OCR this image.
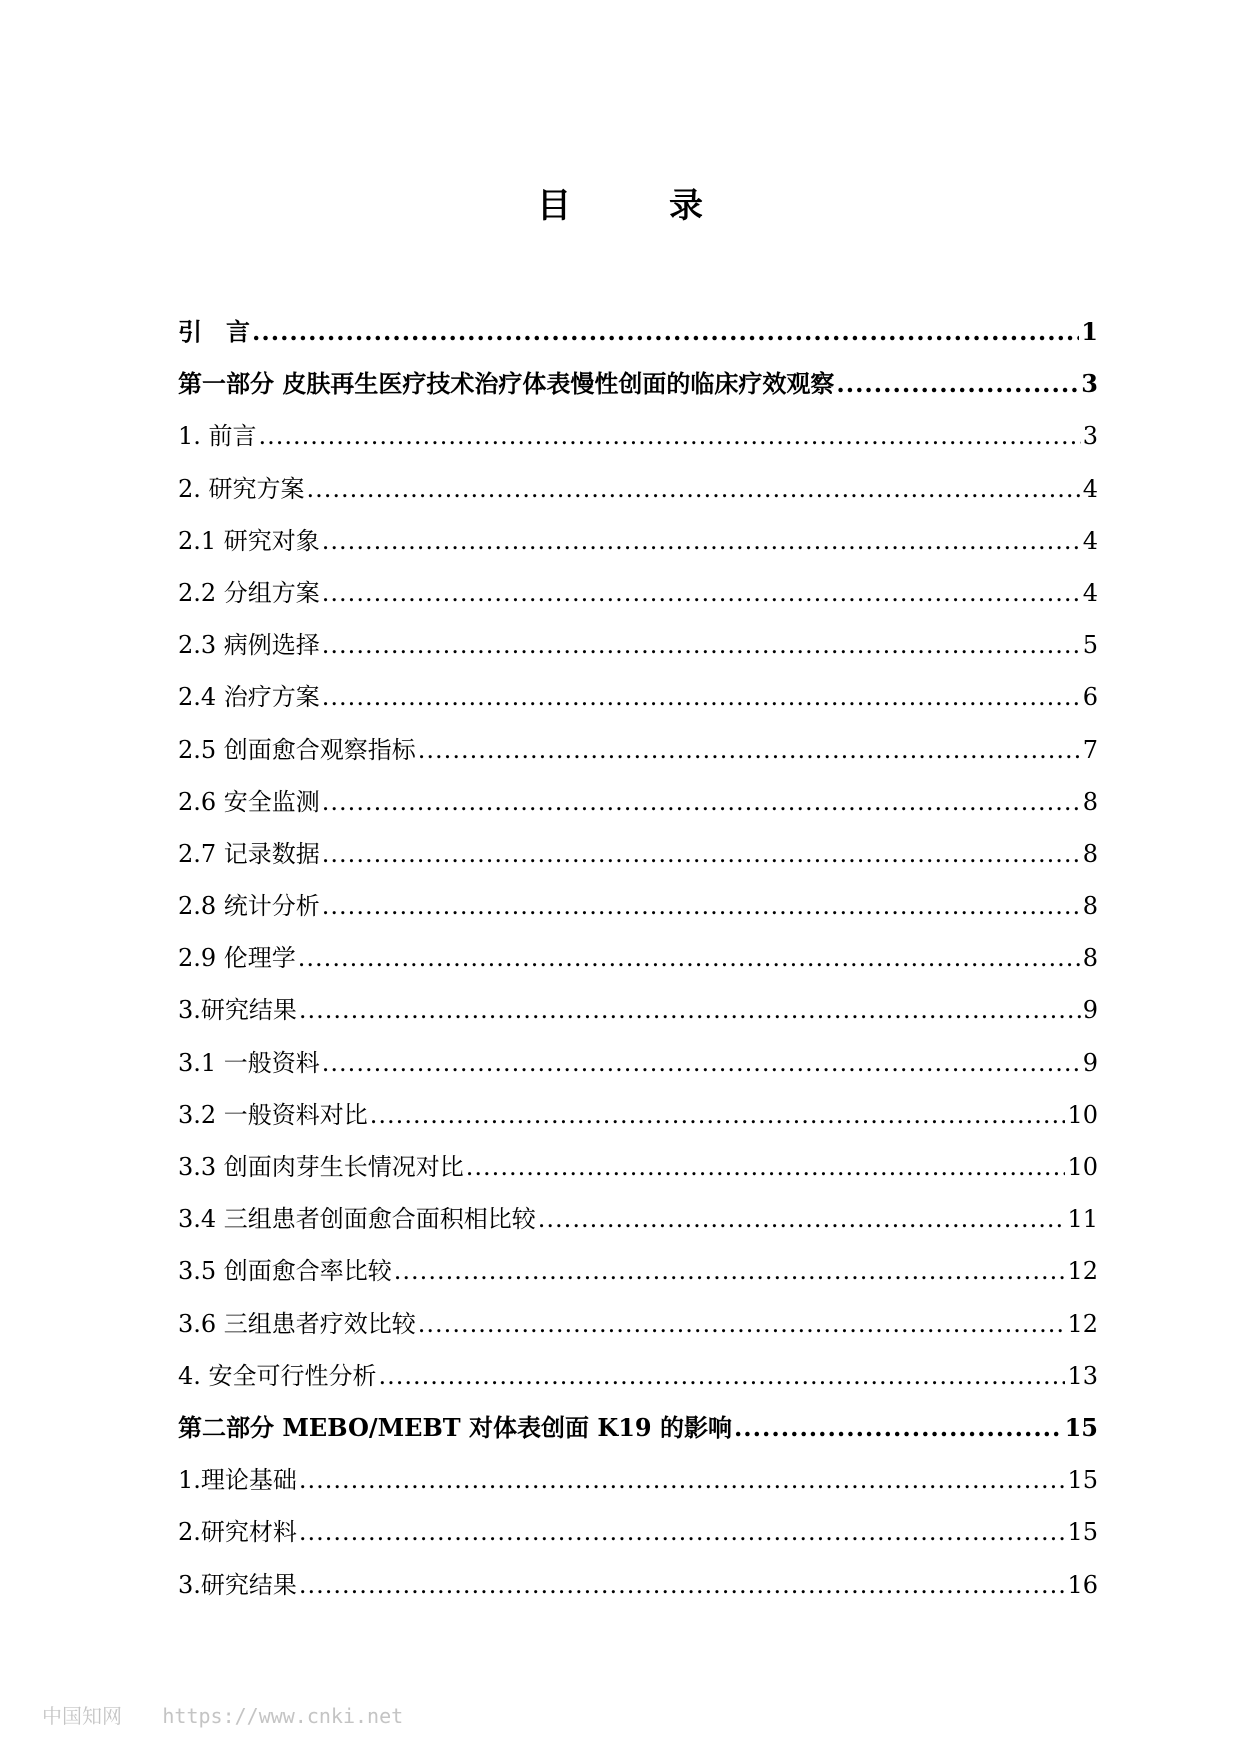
目　录
引　言 .....	1
第一部分 皮肤再生医疗技术治疗体表慢性创面的临床疗效观察 .....	3
1. 前言 .....	3
2. 研究方案 .....	4
2.1 研究对象 .....	4
2.2 分组方案 .....	4
2.3 病例选择 .....	5
2.4 治疗方案 .....	6
2.5 创面愈合观察指标 .....	7
2.6 安全监测 .....	8
2.7 记录数据 .....	8
2.8 统计分析 .....	8
2.9 伦理学 .....	8
3.研究结果 .....	9
3.1 一般资料 .....	9
3.2 一般资料对比 .....	10
3.3 创面肉芽生长情况对比 .....	10
3.4 三组患者创面愈合面积相比较 .....	11
3.5 创面愈合率比较 .....	12
3.6 三组患者疗效比较 .....	12
4. 安全可行性分析 .....	13
第二部分 MEBO/MEBT 对体表创面 K19 的影响 .....	15
1.理论基础 .....	15
2.研究材料 .....	15
3.研究结果 .....	16
中国知网 https://www.cnki.net
